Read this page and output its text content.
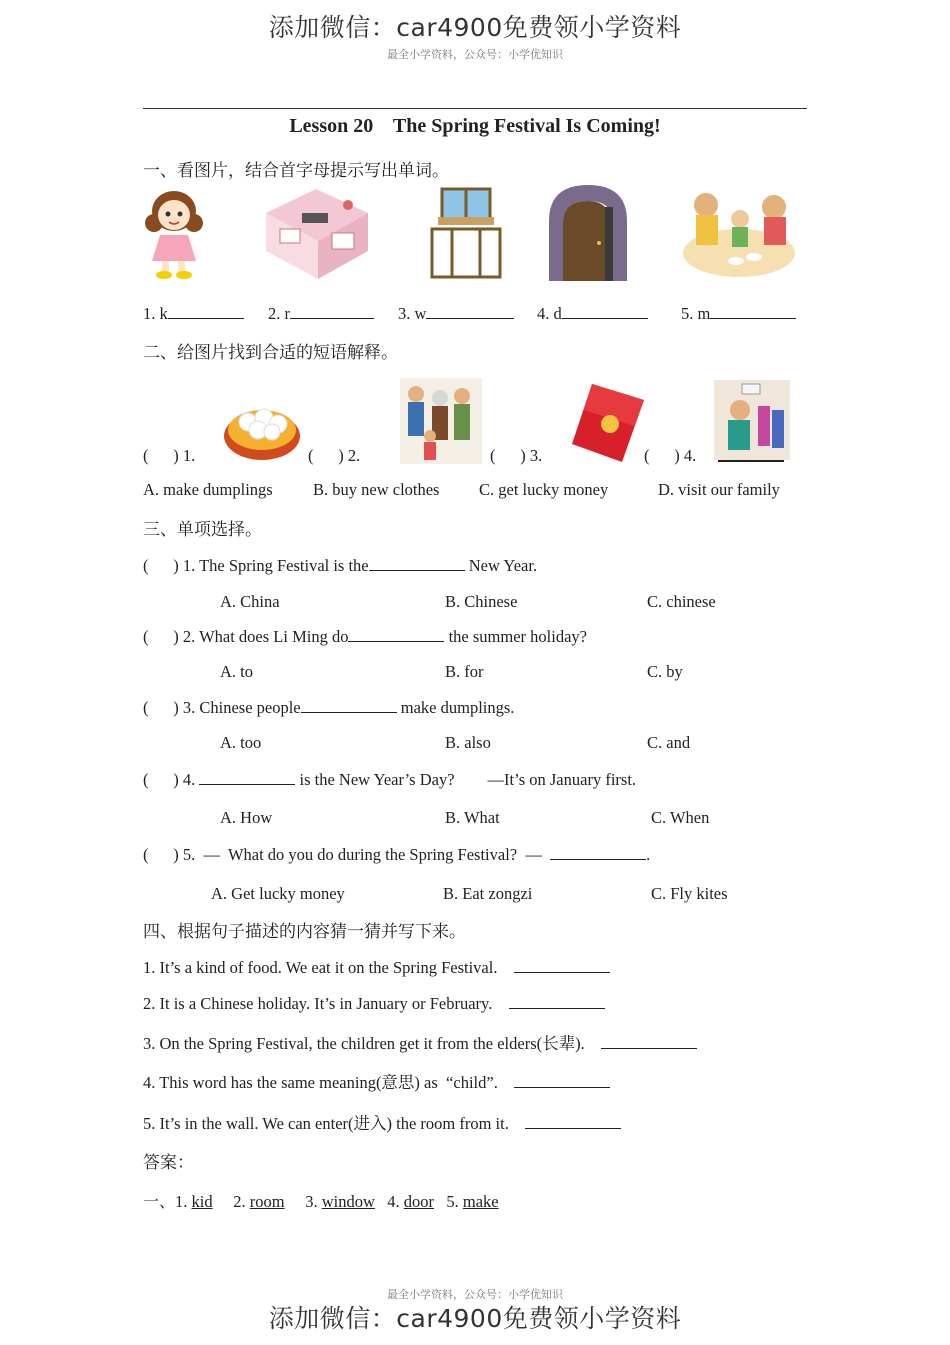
添加微信：car4900免费领小学资料
最全小学资料，公众号：小学优知识
Lesson 20    The Spring Festival Is Coming!
一、看图片，结合首字母提示写出单词。
1. k	2. r	3. w	4. d	5. m
二、给图片找到合适的短语解释。
(      ) 1.	(      ) 2.	(      ) 3.	(      ) 4.
A. make dumplings B. buy new clothes C. get lucky money	D. visit our family
三、单项选择。
(      ) 1. The Spring Festival is the	New Year.
A. China	B. Chinese	C. chinese
(      ) 2. What does Li Ming do	the summer holiday?
A. to	B. for	C. by
(      ) 3. Chinese people	make dumplings.
A. too	B. also	C. and
(      ) 4.	is the New Year’s Day? —It’s on January first.
A. How	B. What	C. When
(      ) 5.  —  What do you do during the Spring Festival?  —	.
A. Get lucky money	B. Eat zongzi	C. Fly kites
四、根据句子描述的内容猜一猜并写下来。
1. It’s a kind of food. We eat it on the Spring Festival.
2. It is a Chinese holiday. It’s in January or February.
3. On the Spring Festival, the children get it from the elders(长辈).
4. This word has the same meaning(意思) as  “child”.
5. It’s in the wall. We can enter(进入) the room from it.
答案：
一、1. kid 2. room 3. window 4. door 5. make
最全小学资料，公众号：小学优知识
添加微信：car4900免费领小学资料
